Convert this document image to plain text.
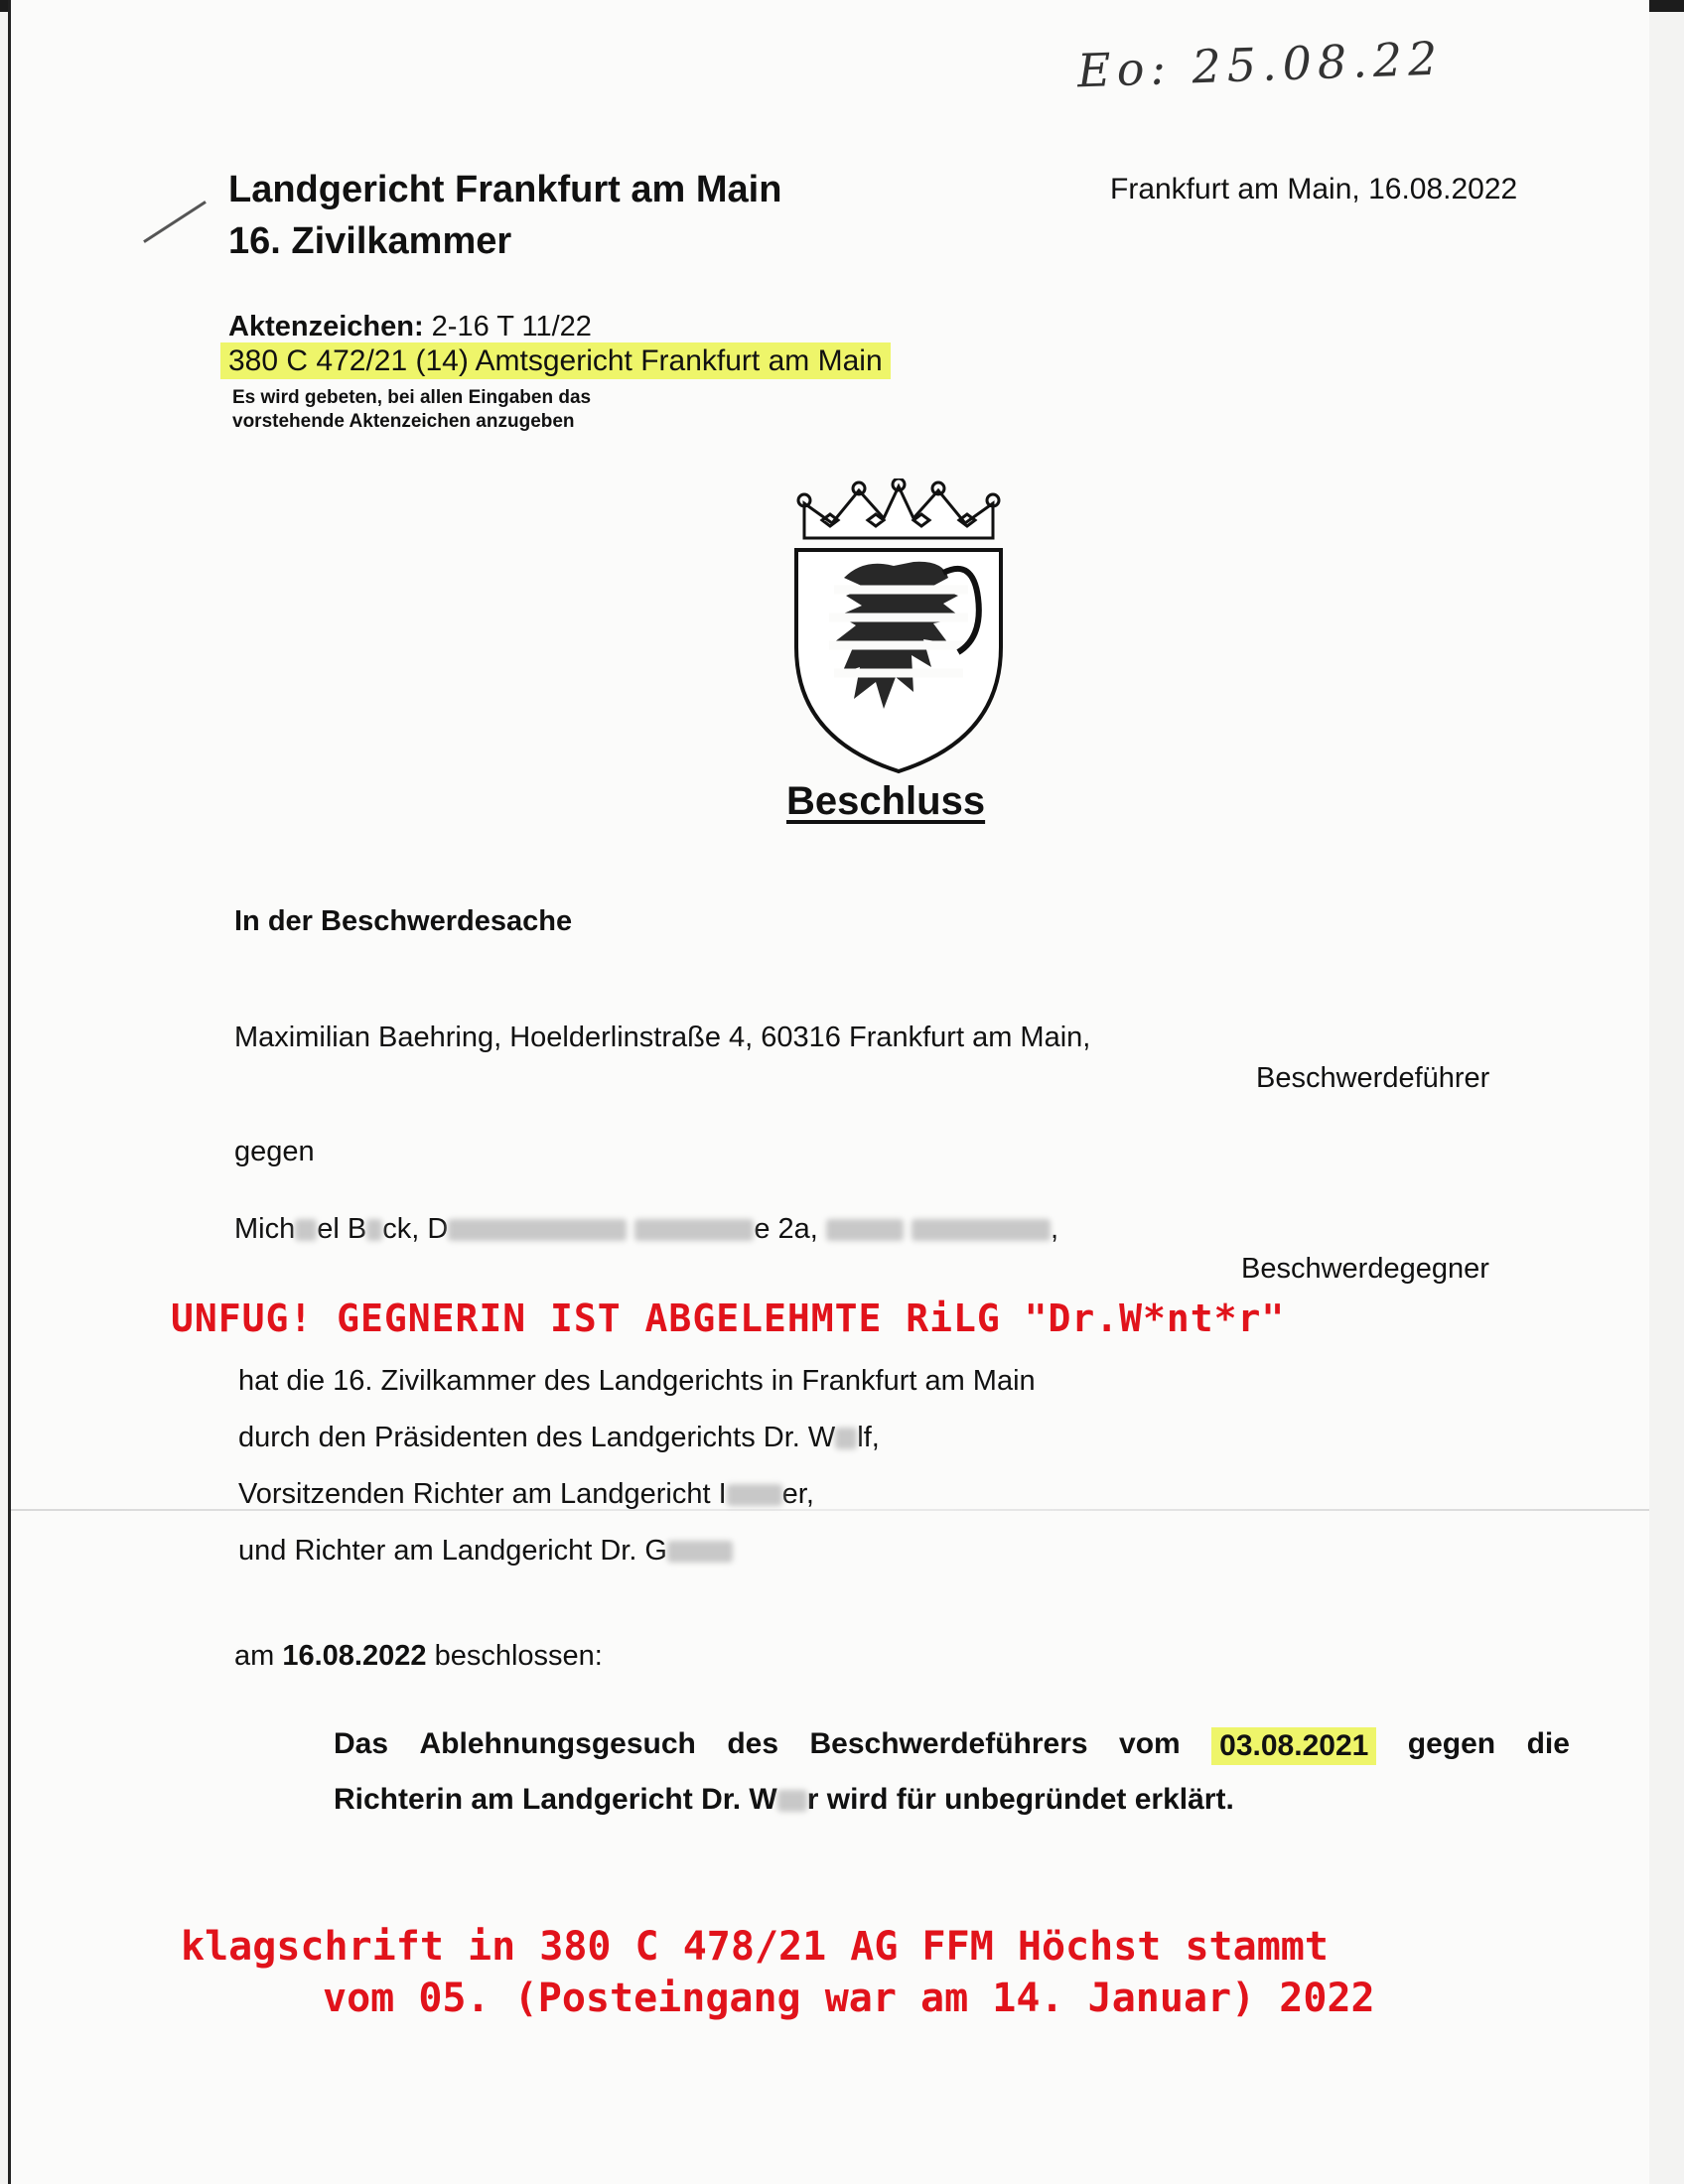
Eo: 25.08.22
Landgericht Frankfurt am Main
16. Zivilkammer
Frankfurt am Main, 16.08.2022
Aktenzeichen: 2-16 T 11/22
380 C 472/21 (14) Amtsgericht Frankfurt am Main
Es wird gebeten, bei allen Eingaben das
vorstehende Aktenzeichen anzugeben
Beschluss
In der Beschwerdesache
Maximilian Baehring, Hoelderlinstraße 4, 60316 Frankfurt am Main,
Beschwerdeführer
gegen
Mich el B ck, D	e 2a,	,
Beschwerdegegner
UNFUG! GEGNERIN IST ABGELEHMTE RiLG "Dr.W*nt*r"
hat die 16. Zivilkammer des Landgerichts in Frankfurt am Main
durch den Präsidenten des Landgerichts Dr. W lf,
Vorsitzenden Richter am Landgericht I er,
und Richter am Landgericht Dr. G
am 16.08.2022 beschlossen:
Das Ablehnungsgesuch des Beschwerdeführers vom 03.08.2021 gegen die
Richterin am Landgericht Dr. W r wird für unbegründet erklärt.
klagschrift in 380 C 478/21 AG FFM Höchst stammt
vom 05. (Posteingang war am 14. Januar) 2022
